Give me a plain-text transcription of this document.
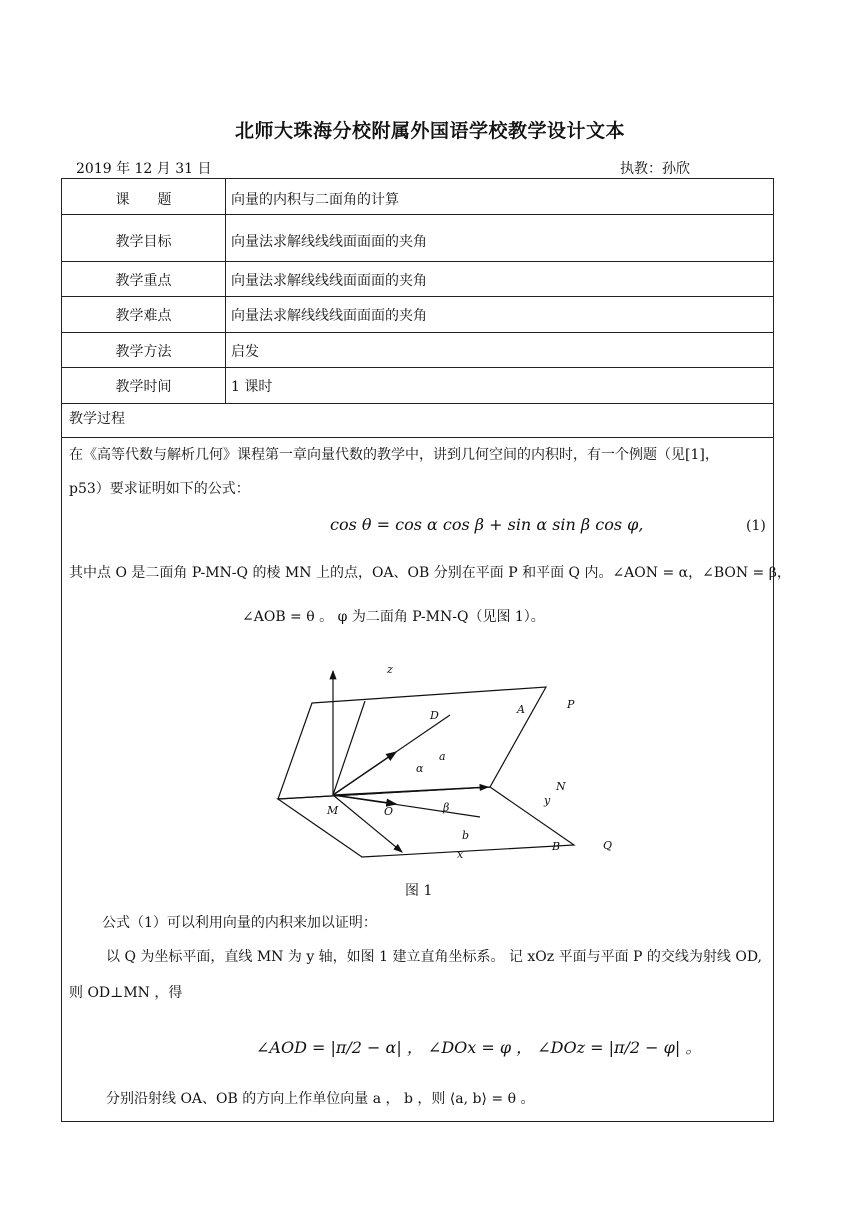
北师大珠海分校附属外国语学校教学设计文本
2019 年 12 月 31 日	执教：孙欣
课　　题	向量的内积与二面角的计算
教学目标	向量法求解线线线面面面的夹角
教学重点	向量法求解线线线面面面的夹角
教学难点	向量法求解线线线面面面的夹角
教学方法	启发
教学时间	1 课时
教学过程
在《高等代数与解析几何》课程第一章向量代数的教学中，讲到几何空间的内积时，有一个例题（见[1]，
p53）要求证明如下的公式：
cos θ = cos α cos β + sin α sin β cos φ,	(1)
其中点 O 是二面角 P-MN-Q 的棱 MN 上的点，OA、OB 分别在平面 P 和平面 Q 内。∠AON = α，∠BON = β，
∠AOB = θ 。 φ 为二面角 P-MN-Q（见图 1）。
z
D	A	P
a
α
N
y
M	O	β
b
B	Q
x
图 1
公式（1）可以利用向量的内积来加以证明：
以 Q 为坐标平面，直线 MN 为 y 轴，如图 1 建立直角坐标系。 记 xOz 平面与平面 P 的交线为射线 OD,
则 OD⊥MN ，得
∠AOD = |π/2 − α| ， ∠DOx = φ ， ∠DOz = |π/2 − φ| 。
分别沿射线 OA、OB 的方向上作单位向量 a ， b ，则 ⟨a, b⟩ = θ 。
